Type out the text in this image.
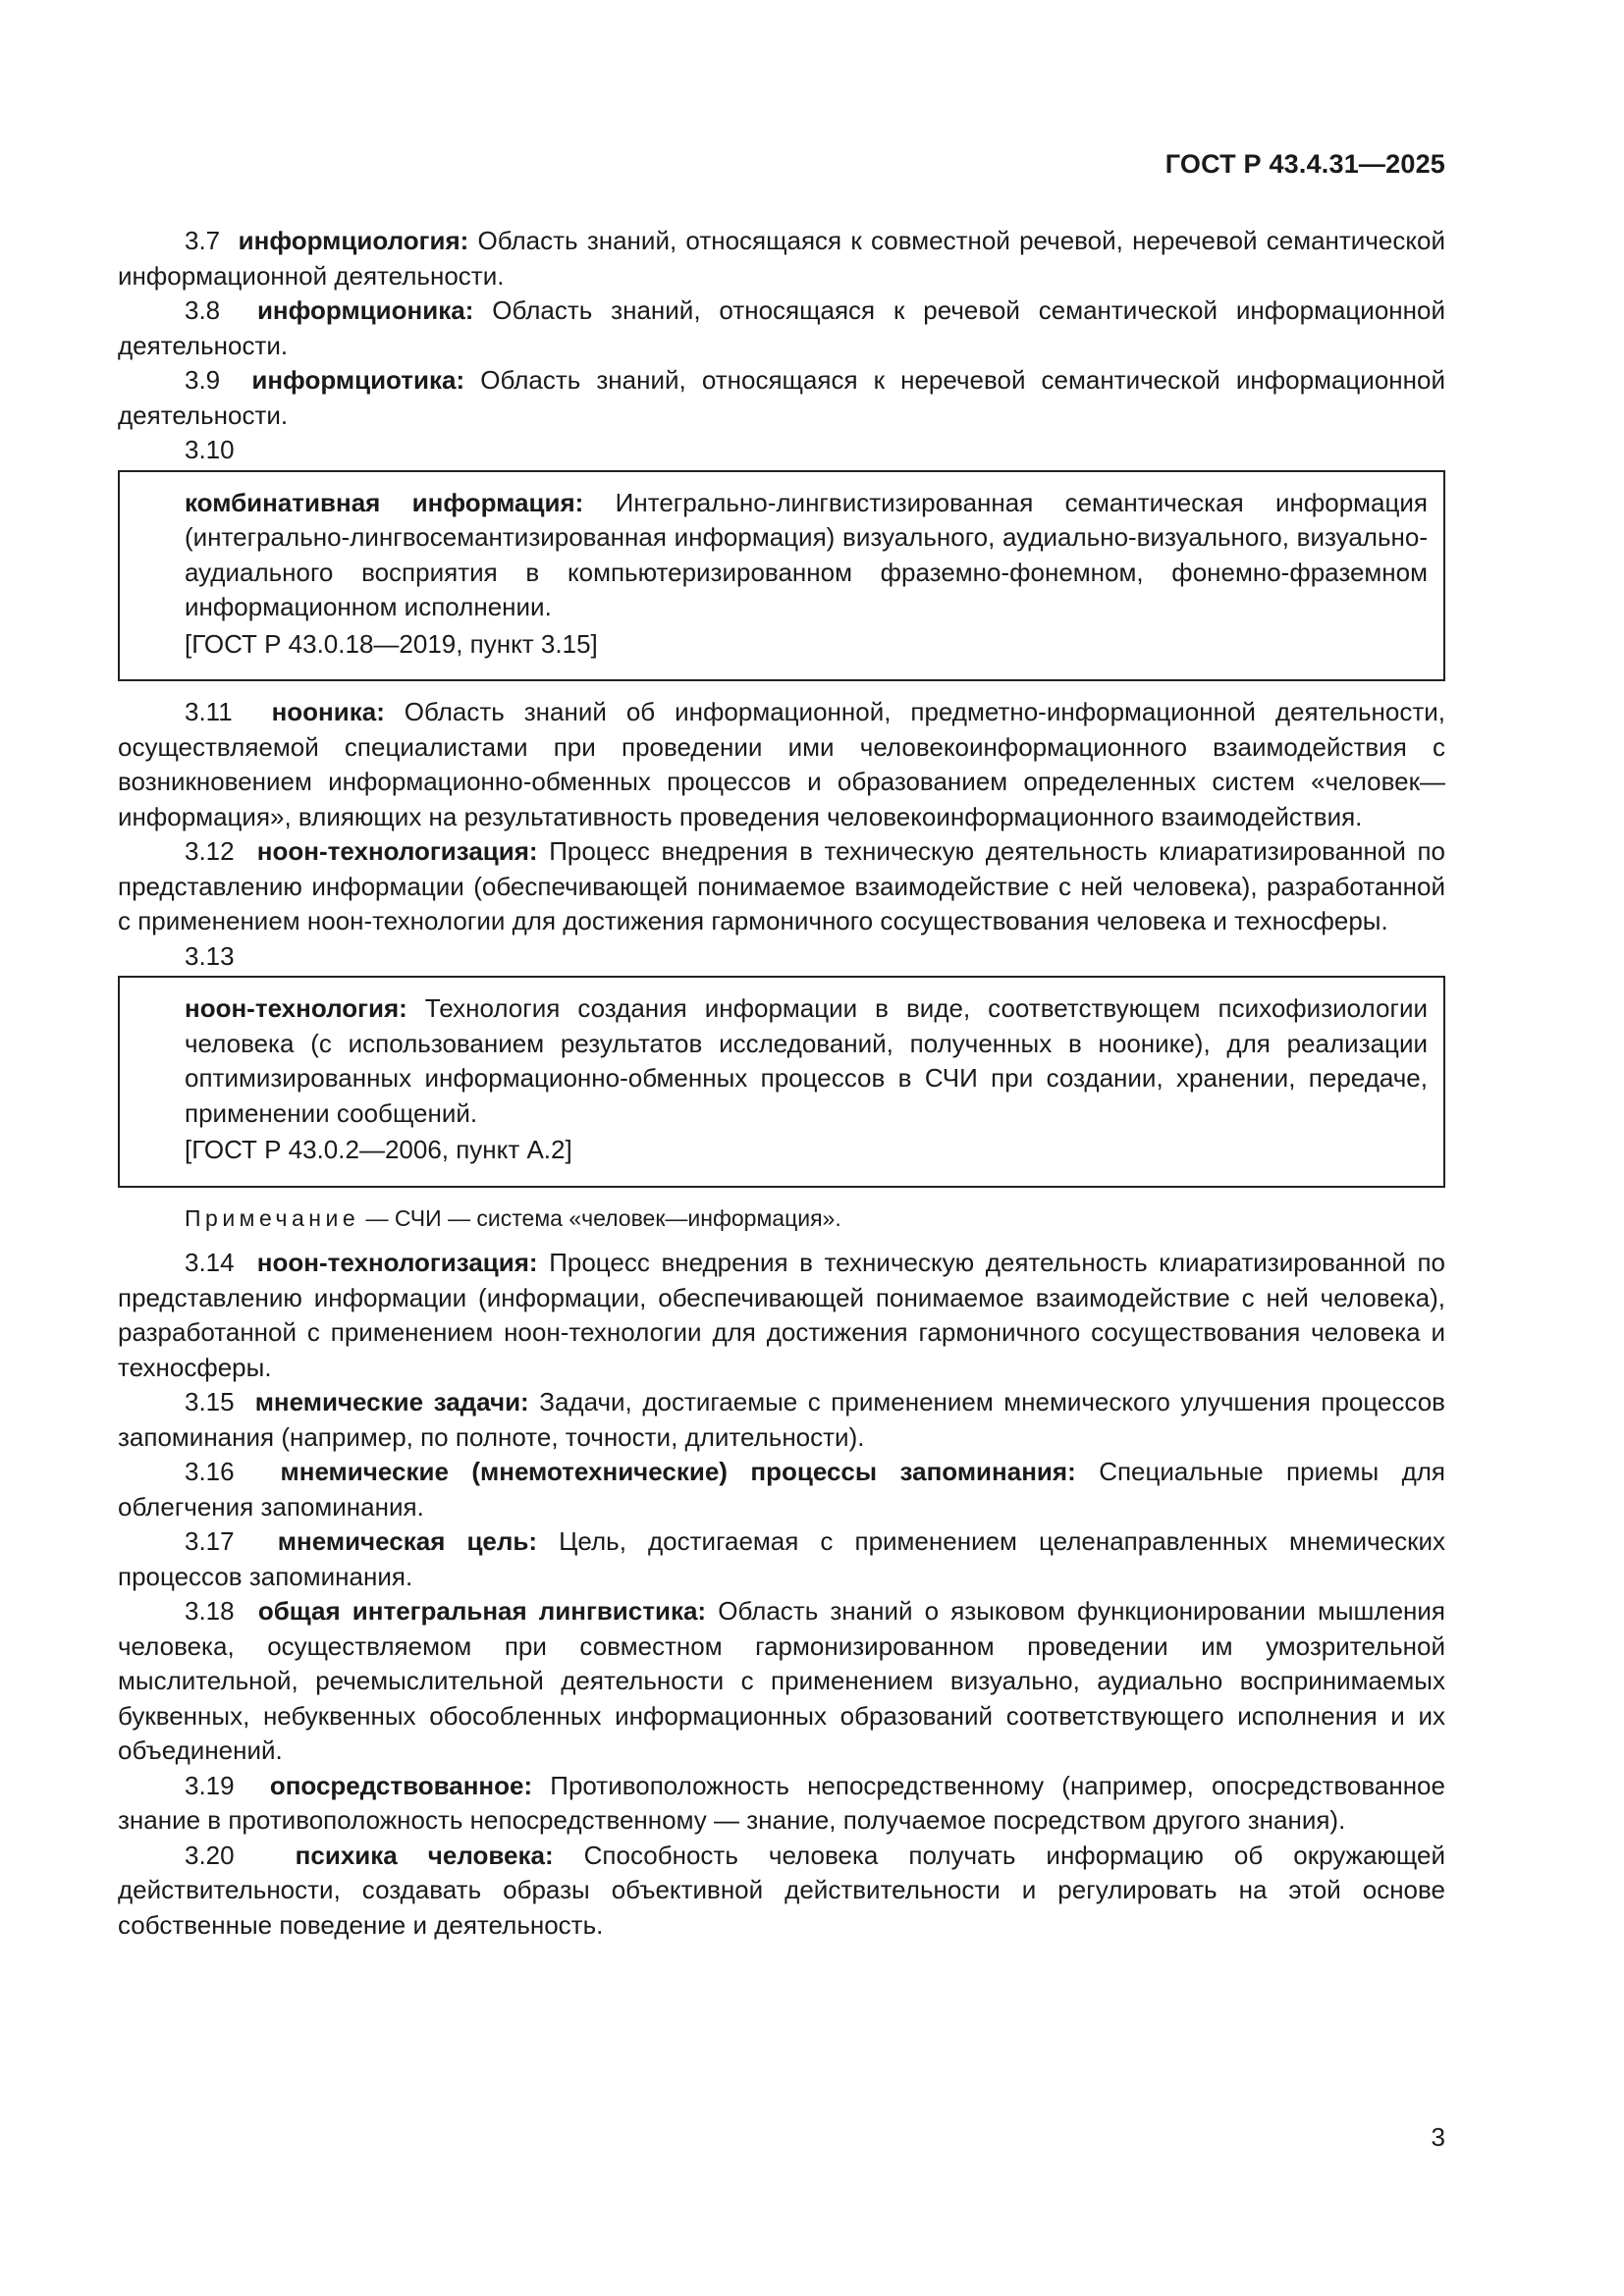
ГОСТ Р 43.4.31—2025

3.7 информциология: Область знаний, относящаяся к совместной речевой, неречевой семантической информационной деятельности.

3.8 информционика: Область знаний, относящаяся к речевой семантической информационной деятельности.

3.9 информциотика: Область знаний, относящаяся к неречевой семантической информационной деятельности.

3.10

комбинативная информация: Интегрально-лингвистизированная семантическая информация (интегрально-лингвосемантизированная информация) визуального, аудиально-визуального, визуально-аудиального восприятия в компьютеризированном фраземно-фонемном, фонемно-фраземном информационном исполнении.

[ГОСТ Р 43.0.18—2019, пункт 3.15]

3.11 нооника: Область знаний об информационной, предметно-информационной деятельности, осуществляемой специалистами при проведении ими человекоинформационного взаимодействия с возникновением информационно-обменных процессов и образованием определенных систем «человек—информация», влияющих на результативность проведения человекоинформационного взаимодействия.

3.12 ноон-технологизация: Процесс внедрения в техническую деятельность клиаратизированной по представлению информации (обеспечивающей понимаемое взаимодействие с ней человека), разработанной с применением ноон-технологии для достижения гармоничного сосуществования человека и техносферы.

3.13

ноон-технология: Технология создания информации в виде, соответствующем психофизиологии человека (с использованием результатов исследований, полученных в ноонике), для реализации оптимизированных информационно-обменных процессов в СЧИ при создании, хранении, передаче, применении сообщений.

[ГОСТ Р 43.0.2—2006, пункт А.2]

Примечание — СЧИ — система «человек—информация».

3.14 ноон-технологизация: Процесс внедрения в техническую деятельность клиаратизированной по представлению информации (информации, обеспечивающей понимаемое взаимодействие с ней человека), разработанной с применением ноон-технологии для достижения гармоничного сосуществования человека и техносферы.

3.15 мнемические задачи: Задачи, достигаемые с применением мнемического улучшения процессов запоминания (например, по полноте, точности, длительности).

3.16 мнемические (мнемотехнические) процессы запоминания: Специальные приемы для облегчения запоминания.

3.17 мнемическая цель: Цель, достигаемая с применением целенаправленных мнемических процессов запоминания.

3.18 общая интегральная лингвистика: Область знаний о языковом функционировании мышления человека, осуществляемом при совместном гармонизированном проведении им умозрительной мыслительной, речемыслительной деятельности с применением визуально, аудиально воспринимаемых буквенных, небуквенных обособленных информационных образований соответствующего исполнения и их объединений.

3.19 опосредствованное: Противоположность непосредственному (например, опосредствованное знание в противоположность непосредственному — знание, получаемое посредством другого знания).

3.20 психика человека: Способность человека получать информацию об окружающей действительности, создавать образы объективной действительности и регулировать на этой основе собственные поведение и деятельность.

3
